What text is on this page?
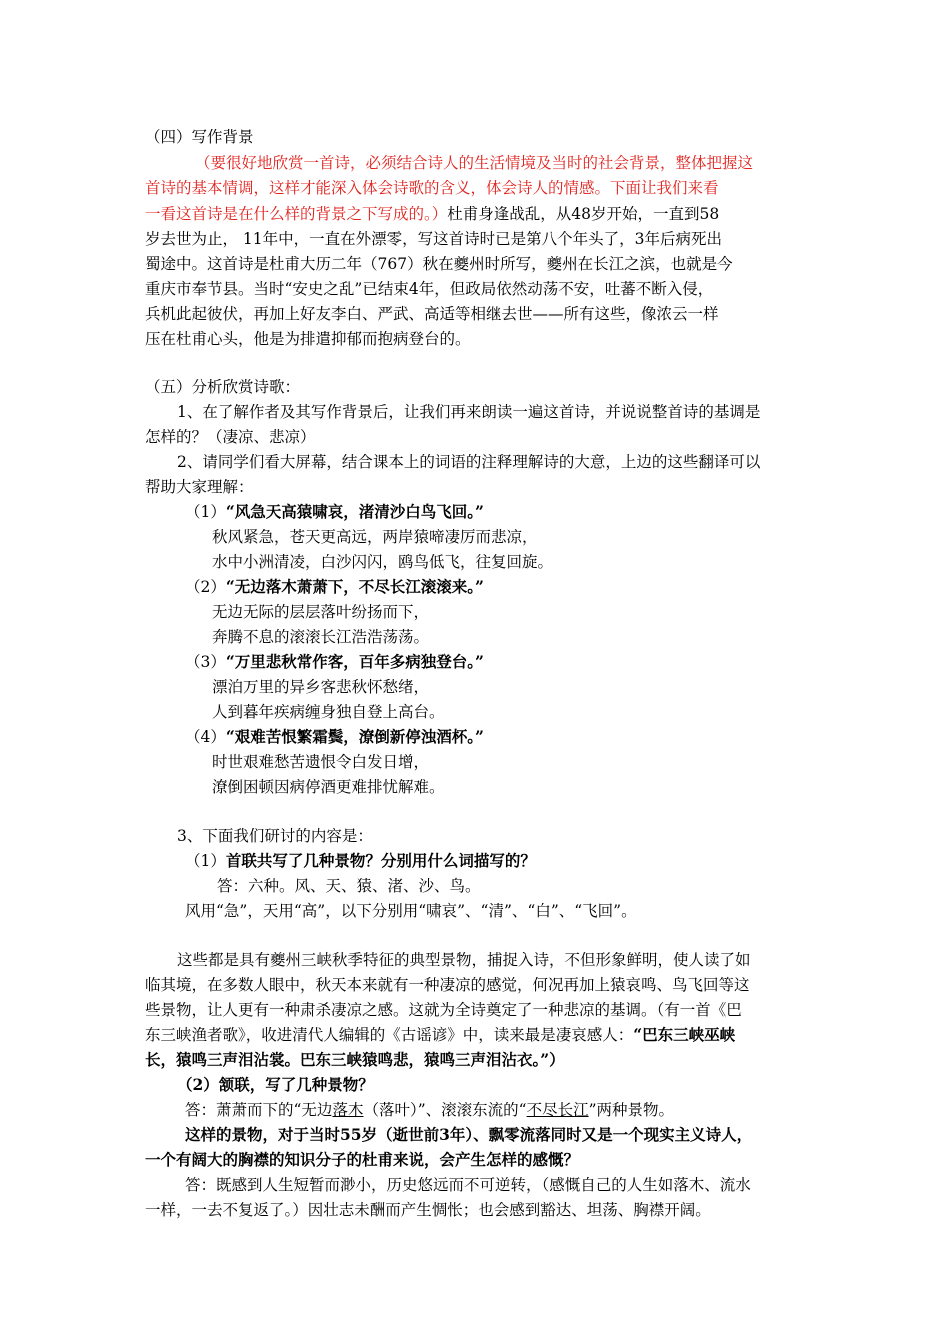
（四）写作背景
（要很好地欣赏一首诗，必须结合诗人的生活情境及当时的社会背景，整体把握这
首诗的基本情调，这样才能深入体会诗歌的含义，体会诗人的情感。下面让我们来看
一看这首诗是在什么样的背景之下写成的。）杜甫身逢战乱，从48岁开始，一直到58
岁去世为止， 11年中，一直在外漂零，写这首诗时已是第八个年头了，3年后病死出
蜀途中。这首诗是杜甫大历二年（767）秋在夔州时所写，夔州在长江之滨，也就是今
重庆市奉节县。当时“安史之乱”已结束4年，但政局依然动荡不安，吐蕃不断入侵，
兵机此起彼伏，再加上好友李白、严武、高适等相继去世——所有这些，像浓云一样
压在杜甫心头，他是为排遣抑郁而抱病登台的。
（五）分析欣赏诗歌：
1、在了解作者及其写作背景后，让我们再来朗读一遍这首诗，并说说整首诗的基调是
怎样的？（凄凉、悲凉）
2、请同学们看大屏幕，结合课本上的词语的注释理解诗的大意，上边的这些翻译可以
帮助大家理解：
（1）“风急天高猿啸哀，渚清沙白鸟飞回。”
秋风紧急，苍天更高远，两岸猿啼凄厉而悲凉，
水中小洲清凌，白沙闪闪，鸥鸟低飞，往复回旋。
（2）“无边落木萧萧下，不尽长江滚滚来。”
无边无际的层层落叶纷扬而下，
奔腾不息的滚滚长江浩浩荡荡。
（3）“万里悲秋常作客，百年多病独登台。”
漂泊万里的异乡客悲秋怀愁绪，
人到暮年疾病缠身独自登上高台。
（4）“艰难苦恨繁霜鬓，潦倒新停浊酒杯。”
时世艰难愁苦遗恨令白发日增，
潦倒困顿因病停酒更难排忧解难。
3、下面我们研讨的内容是：
（1）首联共写了几种景物？分别用什么词描写的？
答：六种。风、天、猿、渚、沙、鸟。
风用“急”，天用“高”，以下分别用“啸哀”、“清”、“白”、“飞回”。
这些都是具有夔州三峡秋季特征的典型景物，捕捉入诗，不但形象鲜明，使人读了如
临其境，在多数人眼中，秋天本来就有一种凄凉的感觉，何况再加上猿哀鸣、鸟飞回等这
些景物，让人更有一种肃杀凄凉之感。这就为全诗奠定了一种悲凉的基调。（有一首《巴
东三峡渔者歌》，收进清代人编辑的《古谣谚》中，读来最是凄哀感人：“巴东三峡巫峡
长，猿鸣三声泪沾裳。巴东三峡猿鸣悲，猿鸣三声泪沾衣。”）
（2）颔联，写了几种景物？
答：萧萧而下的“无边落木（落叶）”、滚滚东流的“不尽长江”两种景物。
这样的景物，对于当时55岁（逝世前3年）、飘零流落同时又是一个现实主义诗人，
一个有阔大的胸襟的知识分子的杜甫来说，会产生怎样的感慨？
答：既感到人生短暂而渺小，历史悠远而不可逆转，（感慨自己的人生如落木、流水
一样，一去不复返了。）因壮志未酬而产生惆怅；也会感到豁达、坦荡、胸襟开阔。
